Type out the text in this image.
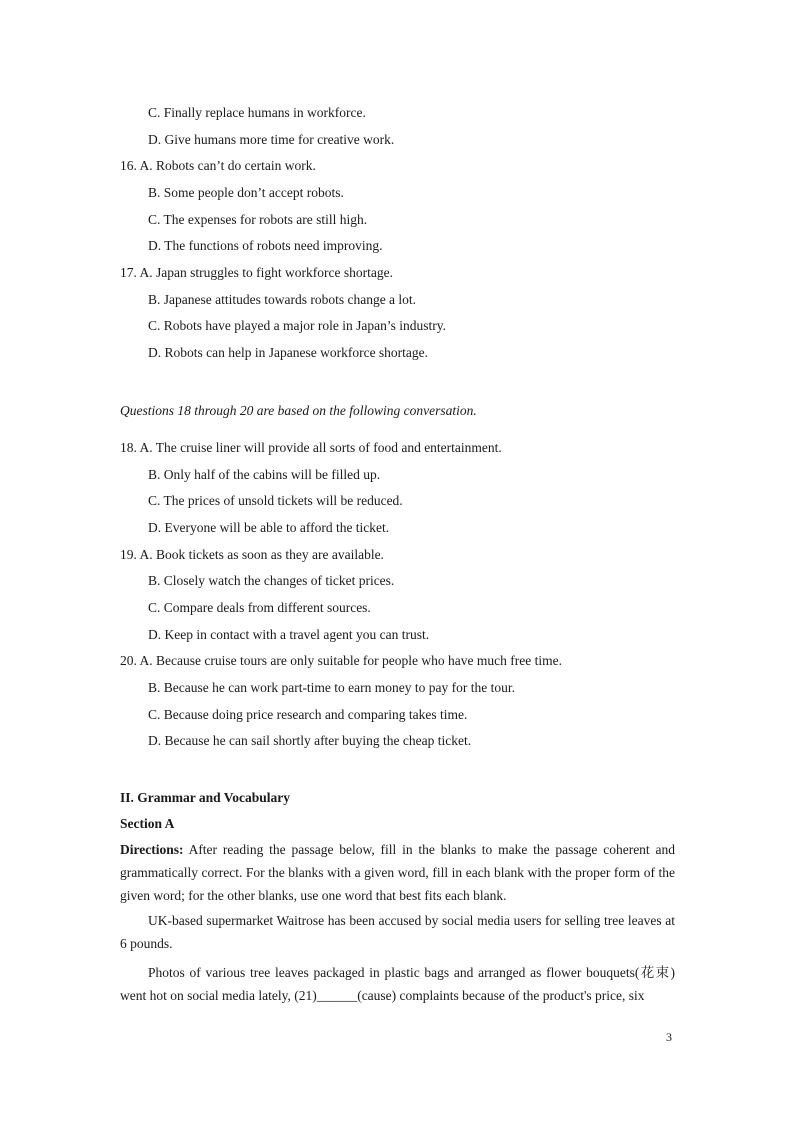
C. Finally replace humans in workforce.
D. Give humans more time for creative work.
16. A. Robots can’t do certain work.
B. Some people don’t accept robots.
C. The expenses for robots are still high.
D. The functions of robots need improving.
17. A. Japan struggles to fight workforce shortage.
B. Japanese attitudes towards robots change a lot.
C. Robots have played a major role in Japan’s industry.
D. Robots can help in Japanese workforce shortage.
Questions 18 through 20 are based on the following conversation.
18. A. The cruise liner will provide all sorts of food and entertainment.
B. Only half of the cabins will be filled up.
C. The prices of unsold tickets will be reduced.
D. Everyone will be able to afford the ticket.
19. A. Book tickets as soon as they are available.
B. Closely watch the changes of ticket prices.
C. Compare deals from different sources.
D. Keep in contact with a travel agent you can trust.
20. A. Because cruise tours are only suitable for people who have much free time.
B. Because he can work part-time to earn money to pay for the tour.
C. Because doing price research and comparing takes time.
D. Because he can sail shortly after buying the cheap ticket.
II. Grammar and Vocabulary
Section A
Directions: After reading the passage below, fill in the blanks to make the passage coherent and grammatically correct. For the blanks with a given word, fill in each blank with the proper form of the given word; for the other blanks, use one word that best fits each blank.
UK-based supermarket Waitrose has been accused by social media users for selling tree leaves at 6 pounds.
Photos of various tree leaves packaged in plastic bags and arranged as flower bouquets(花束) went hot on social media lately, (21)______(cause) complaints because of the product's price, six
3
